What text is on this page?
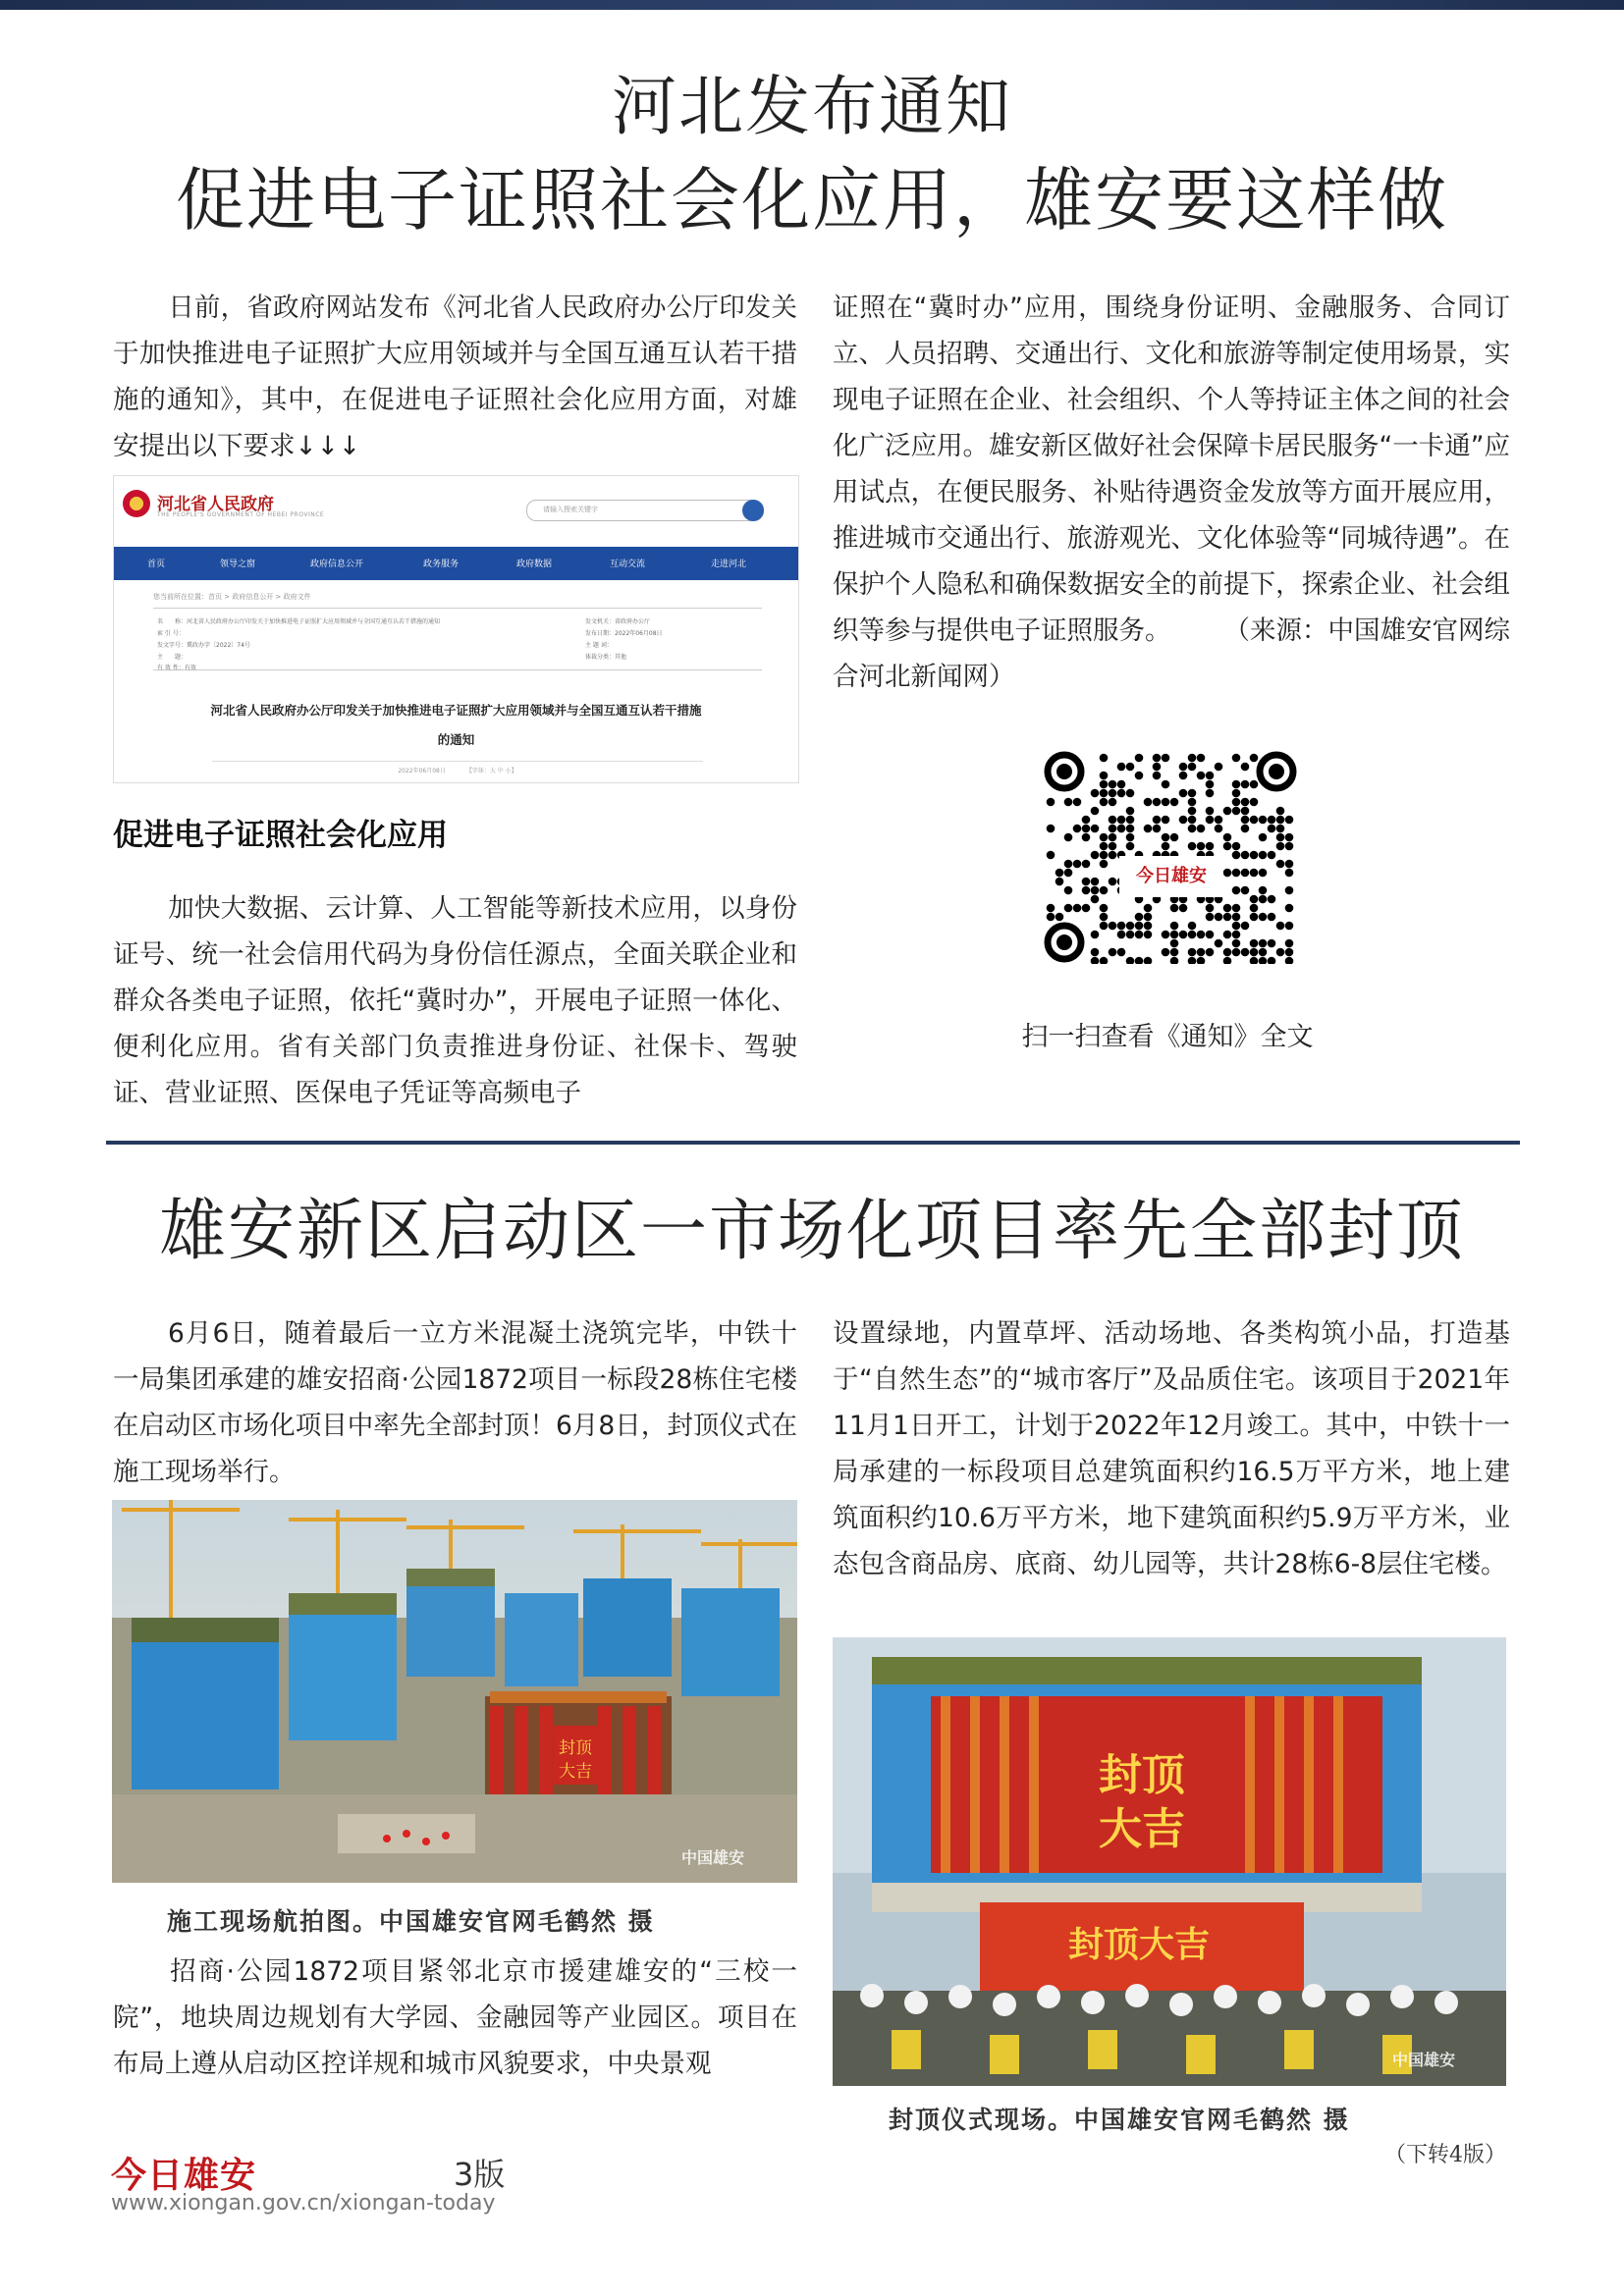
河北发布通知
促进电子证照社会化应用，雄安要这样做
日前，省政府网站发布《河北省人民政府办公厅印发关于加快推进电子证照扩大应用领域并与全国互通互认若干措施的通知》，其中，在促进电子证照社会化应用方面，对雄安提出以下要求↓↓↓
河北省人民政府
THE PEOPLE'S GOVERNMENT OF HEBEI PROVINCE
请输入搜索关键字
首页	领导之窗	政府信息公开	政务服务	政府数据	互动交流	走进河北
您当前所在位置：首页 > 政府信息公开 > 政府文件
名　　称：河北省人民政府办公厅印发关于加快推进电子证照扩大应用领域并与全国互通互认若干措施的通知
索 引 号：
发文字号：冀政办字〔2022〕74号
主　　题：
有 效 性：有效
发文机关：省政府办公厅
发布日期：2022年06月08日
主 题 词：
体裁分类：其他
河北省人民政府办公厅印发关于加快推进电子证照扩大应用领域并与全国互通互认若干措施
的通知
2022年06月08日　　　　【字体：大 中 小】
促进电子证照社会化应用
加快大数据、云计算、人工智能等新技术应用，以身份证号、统一社会信用代码为身份信任源点，全面关联企业和群众各类电子证照，依托“冀时办”，开展电子证照一体化、便利化应用。省有关部门负责推进身份证、社保卡、驾驶证、营业证照、医保电子凭证等高频电子
证照在“冀时办”应用，围绕身份证明、金融服务、合同订立、人员招聘、交通出行、文化和旅游等制定使用场景，实现电子证照在企业、社会组织、个人等持证主体之间的社会化广泛应用。雄安新区做好社会保障卡居民服务“一卡通”应用试点，在便民服务、补贴待遇资金发放等方面开展应用，推进城市交通出行、旅游观光、文化体验等“同城待遇”。在保护个人隐私和确保数据安全的前提下，探索企业、社会组织等参与提供电子证照服务。 （来源：中国雄安官网综合河北新闻网）
今日雄安
扫一扫查看《通知》全文
雄安新区启动区一市场化项目率先全部封顶
6月6日，随着最后一立方米混凝土浇筑完毕，中铁十一局集团承建的雄安招商·公园1872项目一标段28栋住宅楼在启动区市场化项目中率先全部封顶！6月8日，封顶仪式在施工现场举行。
封顶
大吉
中国雄安
施工现场航拍图。中国雄安官网毛鹤然 摄
招商·公园1872项目紧邻北京市援建雄安的“三校一院”，地块周边规划有大学园、金融园等产业园区。项目在布局上遵从启动区控详规和城市风貌要求，中央景观
设置绿地，内置草坪、活动场地、各类构筑小品，打造基于“自然生态”的“城市客厅”及品质住宅。该项目于2021年11月1日开工，计划于2022年12月竣工。其中，中铁十一局承建的一标段项目总建筑面积约16.5万平方米，地上建筑面积约10.6万平方米，地下建筑面积约5.9万平方米，业态包含商品房、底商、幼儿园等，共计28栋6-8层住宅楼。
封顶
大吉
封顶大吉
中国雄安
封顶仪式现场。中国雄安官网毛鹤然 摄
（下转4版）
今日雄安	3版
www.xiongan.gov.cn/xiongan-today
